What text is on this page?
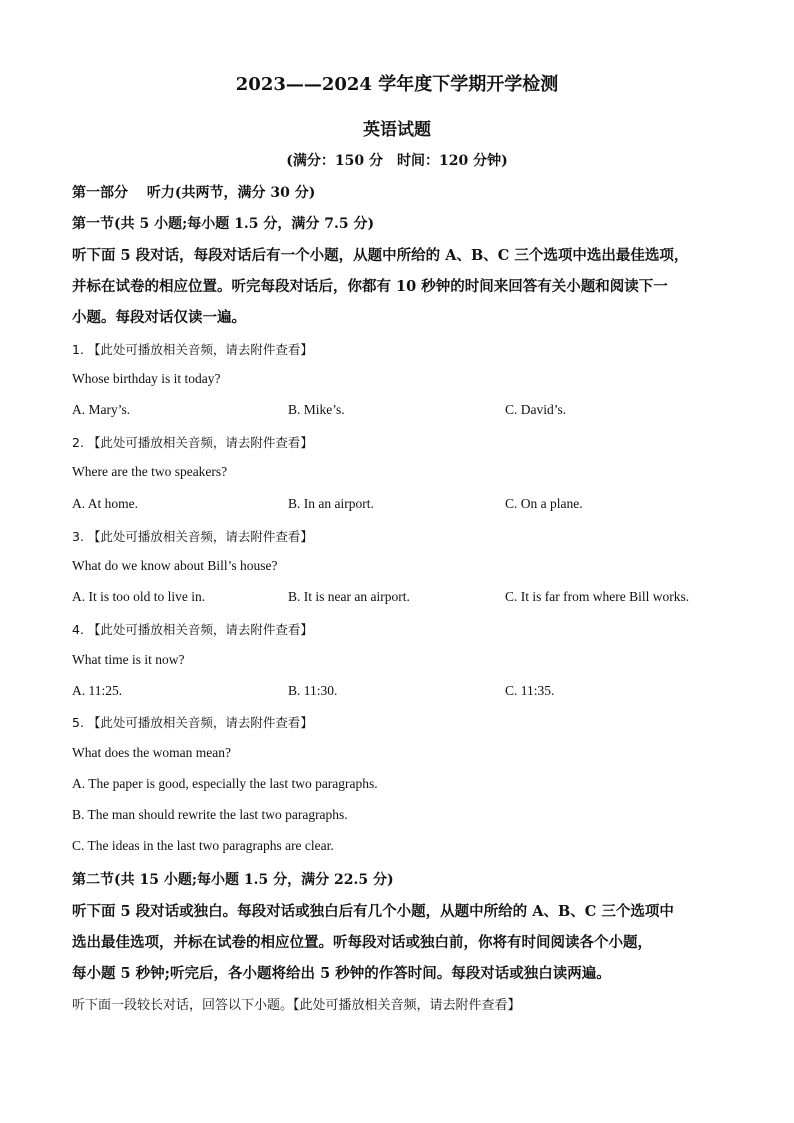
2023——2024 学年度下学期开学检测
英语试题
(满分：150 分　时间：120 分钟)
第一部分　 听力(共两节，满分 30 分)
第一节(共 5 小题;每小题 1.5 分，满分 7.5 分)
听下面 5 段对话，每段对话后有一个小题，从题中所给的 A、B、C 三个选项中选出最佳选项，
并标在试卷的相应位置。听完每段对话后，你都有 10 秒钟的时间来回答有关小题和阅读下一
小题。每段对话仅读一遍。
1. 【此处可播放相关音频，请去附件查看】
Whose birthday is it today?
A. Mary’s.	B. Mike’s.	C. David’s.
2. 【此处可播放相关音频，请去附件查看】
Where are the two speakers?
A. At home.	B. In an airport.	C. On a plane.
3. 【此处可播放相关音频，请去附件查看】
What do we know about Bill’s house?
A. It is too old to live in.	B. It is near an airport.	C. It is far from where Bill works.
4. 【此处可播放相关音频，请去附件查看】
What time is it now?
A. 11:25.	B. 11:30.	C. 11:35.
5. 【此处可播放相关音频，请去附件查看】
What does the woman mean?
A. The paper is good, especially the last two paragraphs.
B. The man should rewrite the last two paragraphs.
C. The ideas in the last two paragraphs are clear.
第二节(共 15 小题;每小题 1.5 分，满分 22.5 分)
听下面 5 段对话或独白。每段对话或独白后有几个小题，从题中所给的 A、B、C 三个选项中
选出最佳选项，并标在试卷的相应位置。听每段对话或独白前，你将有时间阅读各个小题，
每小题 5 秒钟;听完后，各小题将给出 5 秒钟的作答时间。每段对话或独白读两遍。
听下面一段较长对话，回答以下小题。【此处可播放相关音频，请去附件查看】
